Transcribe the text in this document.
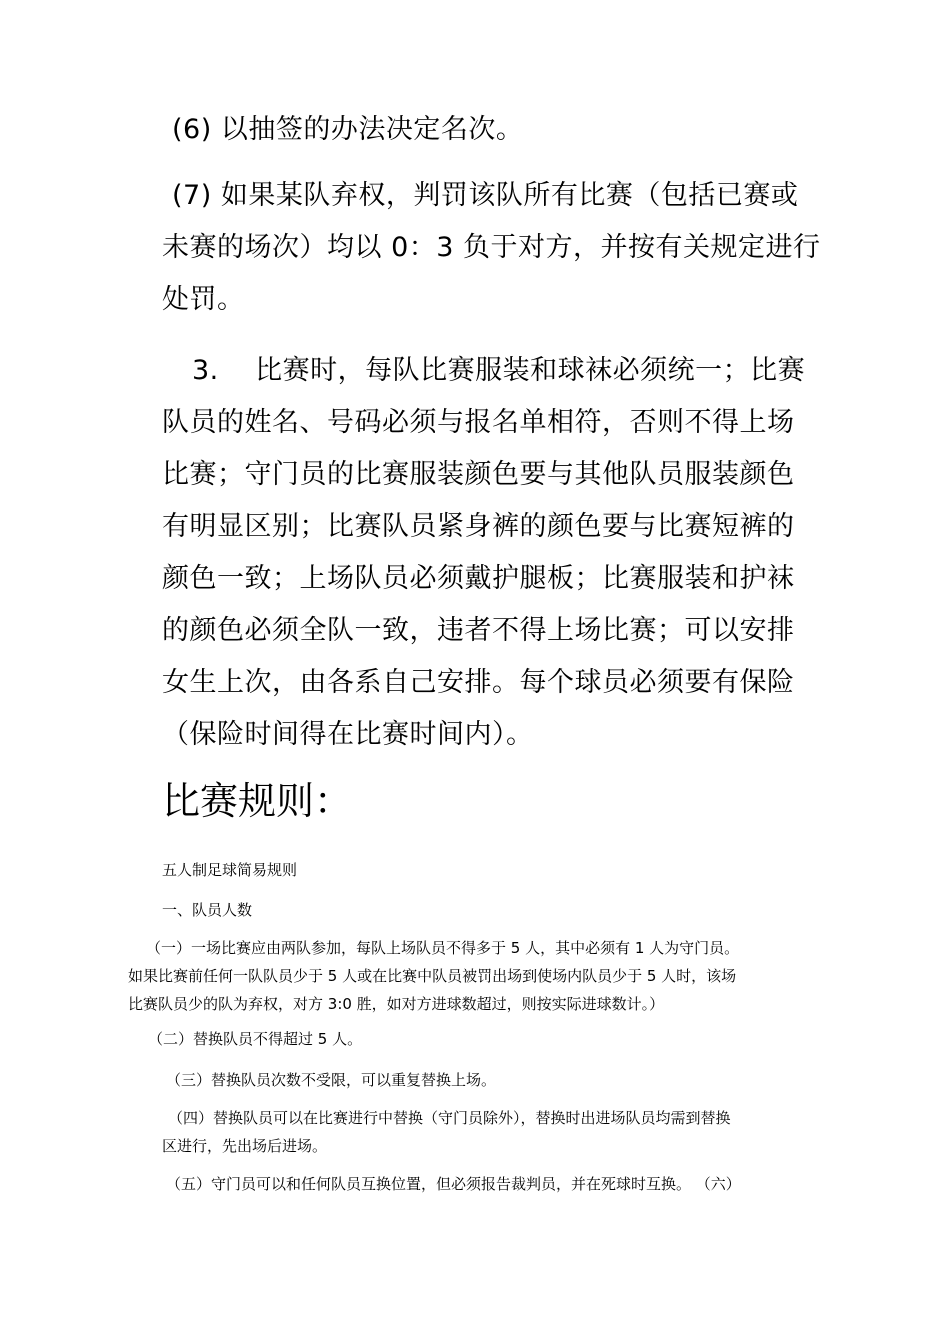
(6) 以抽签的办法决定名次。

(7) 如果某队弃权，判罚该队所有比赛（包括已赛或
未赛的场次）均以 0：3 负于对方，并按有关规定进行
处罚。

3.    比赛时，每队比赛服装和球袜必须统一；比赛
队员的姓名、号码必须与报名单相符，否则不得上场
比赛；守门员的比赛服装颜色要与其他队员服装颜色
有明显区别；比赛队员紧身裤的颜色要与比赛短裤的
颜色一致；上场队员必须戴护腿板；比赛服装和护袜
的颜色必须全队一致，违者不得上场比赛；可以安排
女生上次，由各系自己安排。每个球员必须要有保险
（保险时间得在比赛时间内）。

比赛规则：

五人制足球简易规则

一、队员人数

（一）一场比赛应由两队参加，每队上场队员不得多于 5 人，其中必须有 1 人为守门员。
如果比赛前任何一队队员少于 5 人或在比赛中队员被罚出场到使场内队员少于 5 人时，该场
比赛队员少的队为弃权，对方 3:0 胜，如对方进球数超过，则按实际进球数计。）

（二）替换队员不得超过 5 人。

（三）替换队员次数不受限，可以重复替换上场。

（四）替换队员可以在比赛进行中替换（守门员除外），替换时出进场队员均需到替换
区进行，先出场后进场。

（五）守门员可以和任何队员互换位置，但必须报告裁判员，并在死球时互换。 （六）
